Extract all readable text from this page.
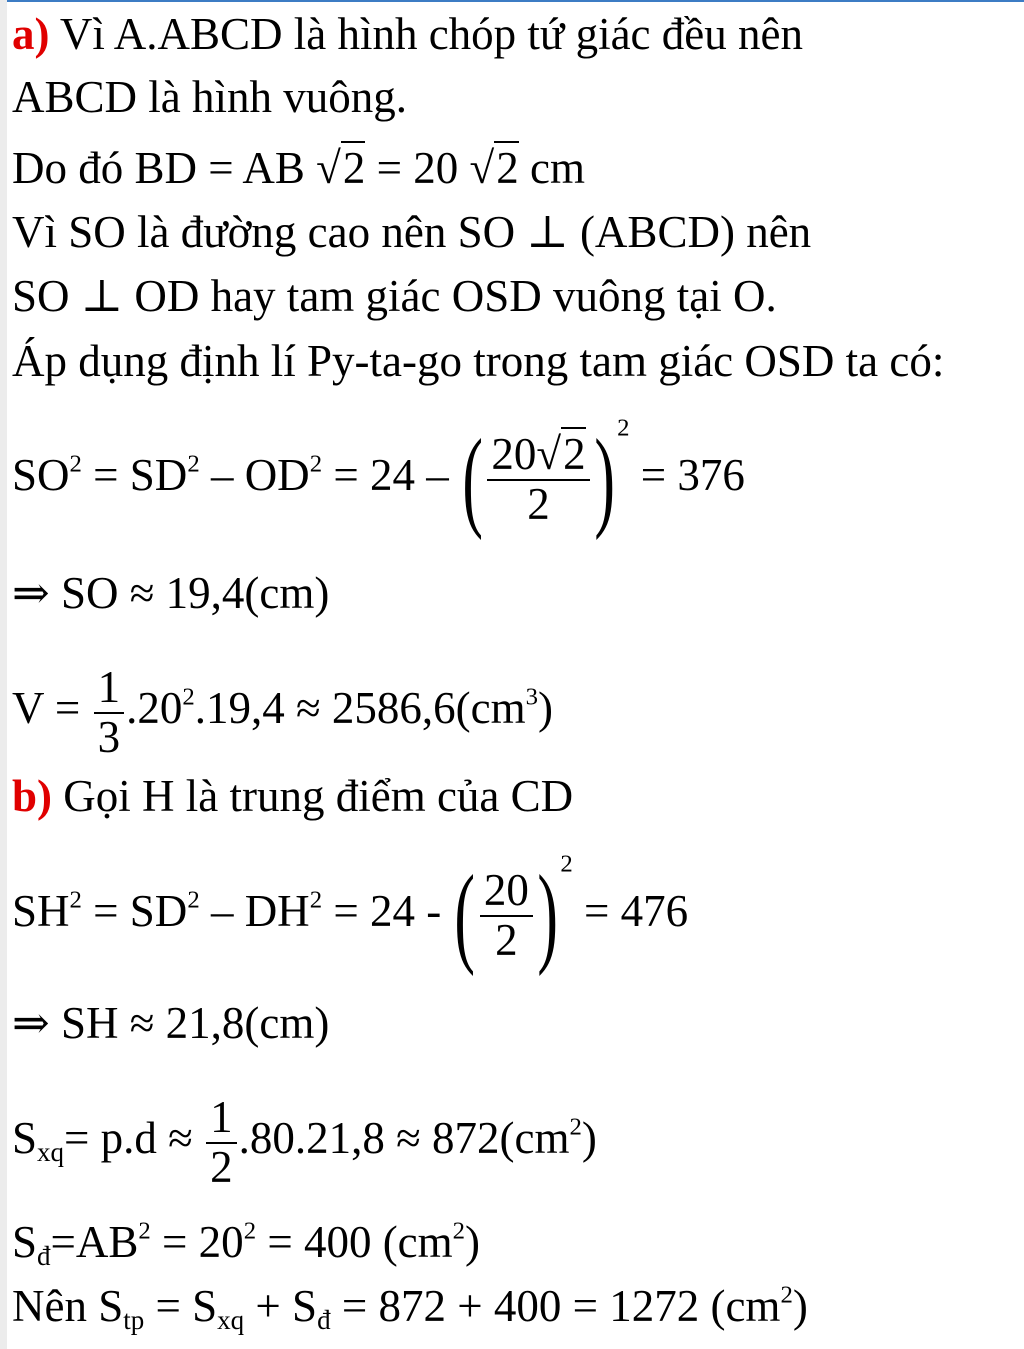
a) Vì A.ABCD là hình chóp tứ giác đều nên
ABCD là hình vuông.
Do đó BD = AB √2 = 20 √2 cm
Vì SO là đường cao nên SO ⊥ (ABCD) nên
SO ⊥ OD hay tam giác OSD vuông tại O.
Áp dụng định lí Py-ta-go trong tam giác OSD ta có:
$SO^2 = SD^2 - OD^2 = 24$ – ( $\frac{20√2}{2} )^2 = 376$
⇒ SO ≈ 19,4(cm)
$V = \frac{1}{3} .20^2.19,4 \approx 2586,6(cm^3)$
b) Gọi H là trung điểm của CD
$SH^2 = SD^2 - DH^2 = 24$ - ( $\frac{20}{2} )^2 = 476$
⇒ SH ≈ 21,8(cm)
$S_{xq}= p.d \approx \frac{1}{2} .80.21,8 \approx 872(cm^2)$
$S_đ=AB^2 = 20^2 = 400$ $(cm^2)$
Nên $S_{tp} = S_{xq} + S_đ = 872 + 400 = 1272$ $(cm^2)$
